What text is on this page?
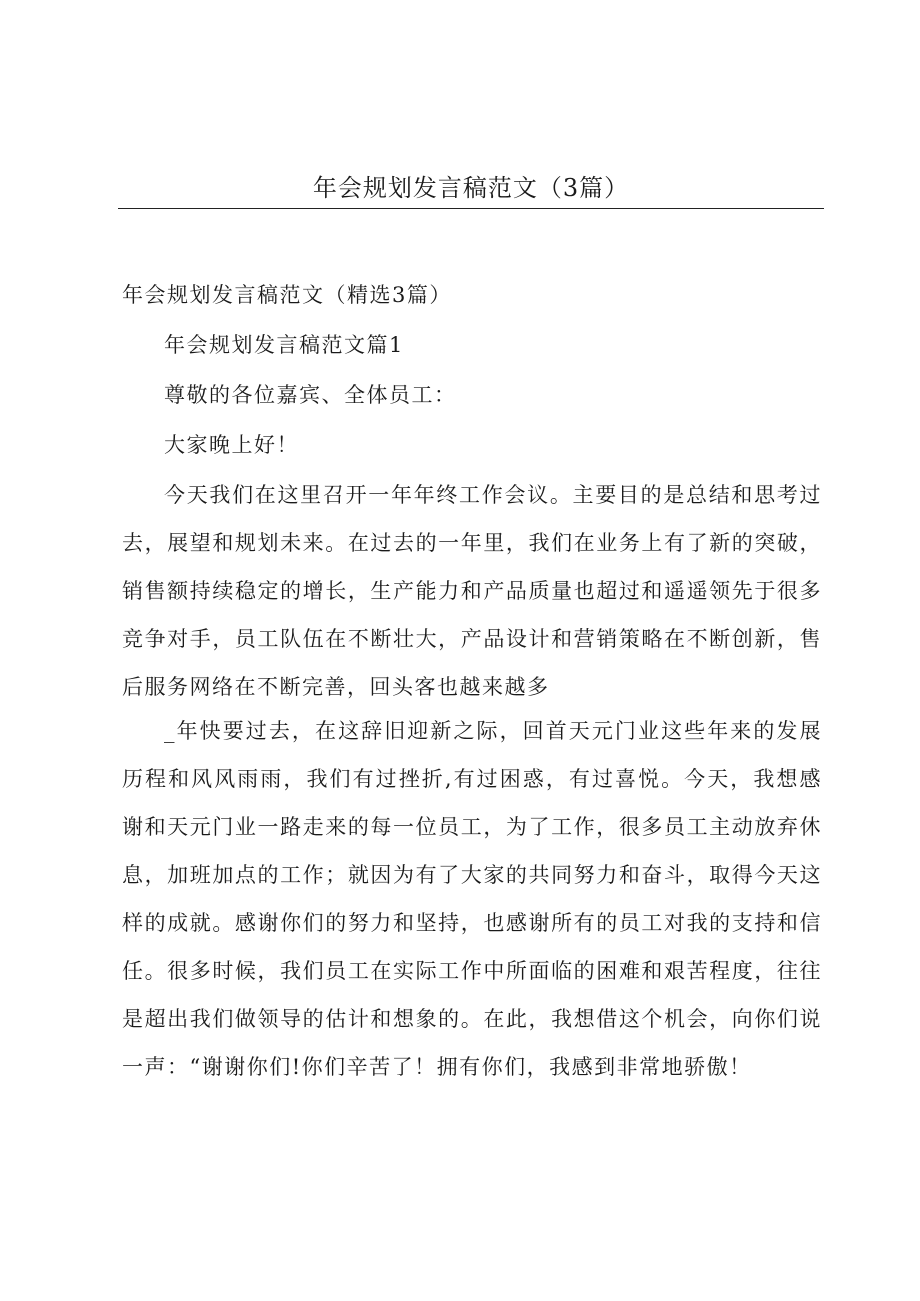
年会规划发言稿范文（3篇）

年会规划发言稿范文（精选3篇）

年会规划发言稿范文篇1

尊敬的各位嘉宾、全体员工：

大家晚上好！

今天我们在这里召开一年年终工作会议。主要目的是总结和思考过去，展望和规划未来。在过去的一年里，我们在业务上有了新的突破，销售额持续稳定的增长，生产能力和产品质量也超过和遥遥领先于很多竞争对手，员工队伍在不断壮大，产品设计和营销策略在不断创新，售后服务网络在不断完善，回头客也越来越多

_年快要过去，在这辞旧迎新之际，回首天元门业这些年来的发展历程和风风雨雨，我们有过挫折,有过困惑，有过喜悦。今天，我想感谢和天元门业一路走来的每一位员工，为了工作，很多员工主动放弃休息，加班加点的工作；就因为有了大家的共同努力和奋斗，取得今天这样的成就。感谢你们的努力和坚持，也感谢所有的员工对我的支持和信任。很多时候，我们员工在实际工作中所面临的困难和艰苦程度，往往是超出我们做领导的估计和想象的。在此，我想借这个机会，向你们说一声：“谢谢你们!你们辛苦了！拥有你们，我感到非常地骄傲！
